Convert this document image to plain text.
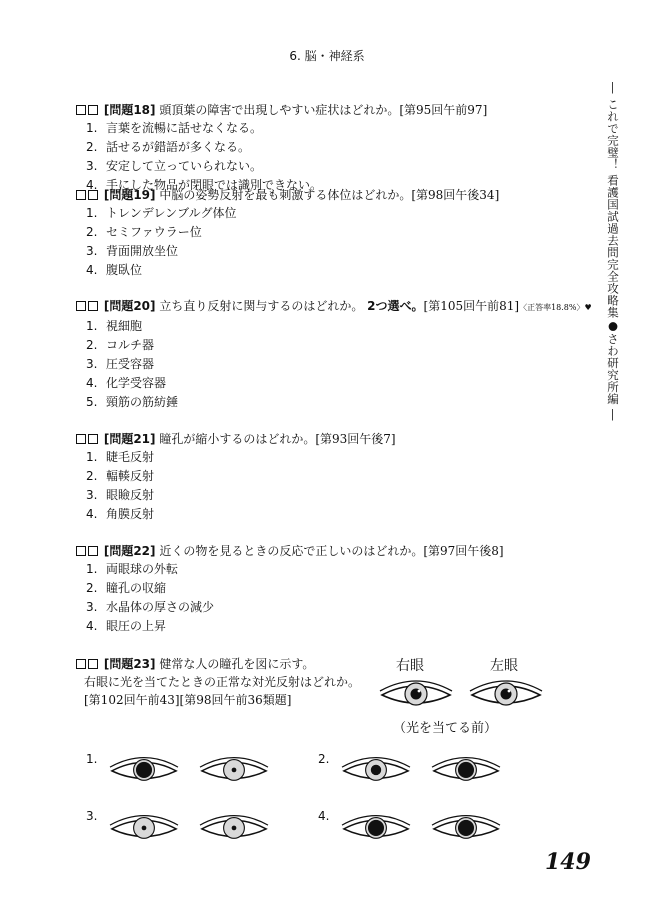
6. 脳・神経系
[問題18] 頭頂葉の障害で出現しやすい症状はどれか。[第95回午前97]
1. 言葉を流暢に話せなくなる。
2. 話せるが錯語が多くなる。
3. 安定して立っていられない。
4. 手にした物品が閉眼では識別できない。
[問題19] 中脳の姿勢反射を最も刺激する体位はどれか。[第98回午後34]
1. トレンデレンブルグ体位
2. セミファウラー位
3. 背面開放坐位
4. 腹臥位
[問題20] 立ち直り反射に関与するのはどれか。 2つ選べ。[第105回午前81]〈正答率18.8%〉♥
1. 視細胞
2. コルチ器
3. 圧受容器
4. 化学受容器
5. 頸筋の筋紡錘
[問題21] 瞳孔が縮小するのはどれか。[第93回午後7]
1. 睫毛反射
2. 輻輳反射
3. 眼瞼反射
4. 角膜反射
[問題22] 近くの物を見るときの反応で正しいのはどれか。[第97回午後8]
1. 両眼球の外転
2. 瞳孔の収縮
3. 水晶体の厚さの減少
4. 眼圧の上昇
[問題23] 健常な人の瞳孔を図に示す。
右眼に光を当てたときの正常な対光反射はどれか。
[第102回午前43][第98回午前36類題]
右眼	左眼
（光を当てる前）
1.	2.
3.	4.
― これで完璧！ 看護国試過去問完全攻略集●さわ研究所編 ―
149
